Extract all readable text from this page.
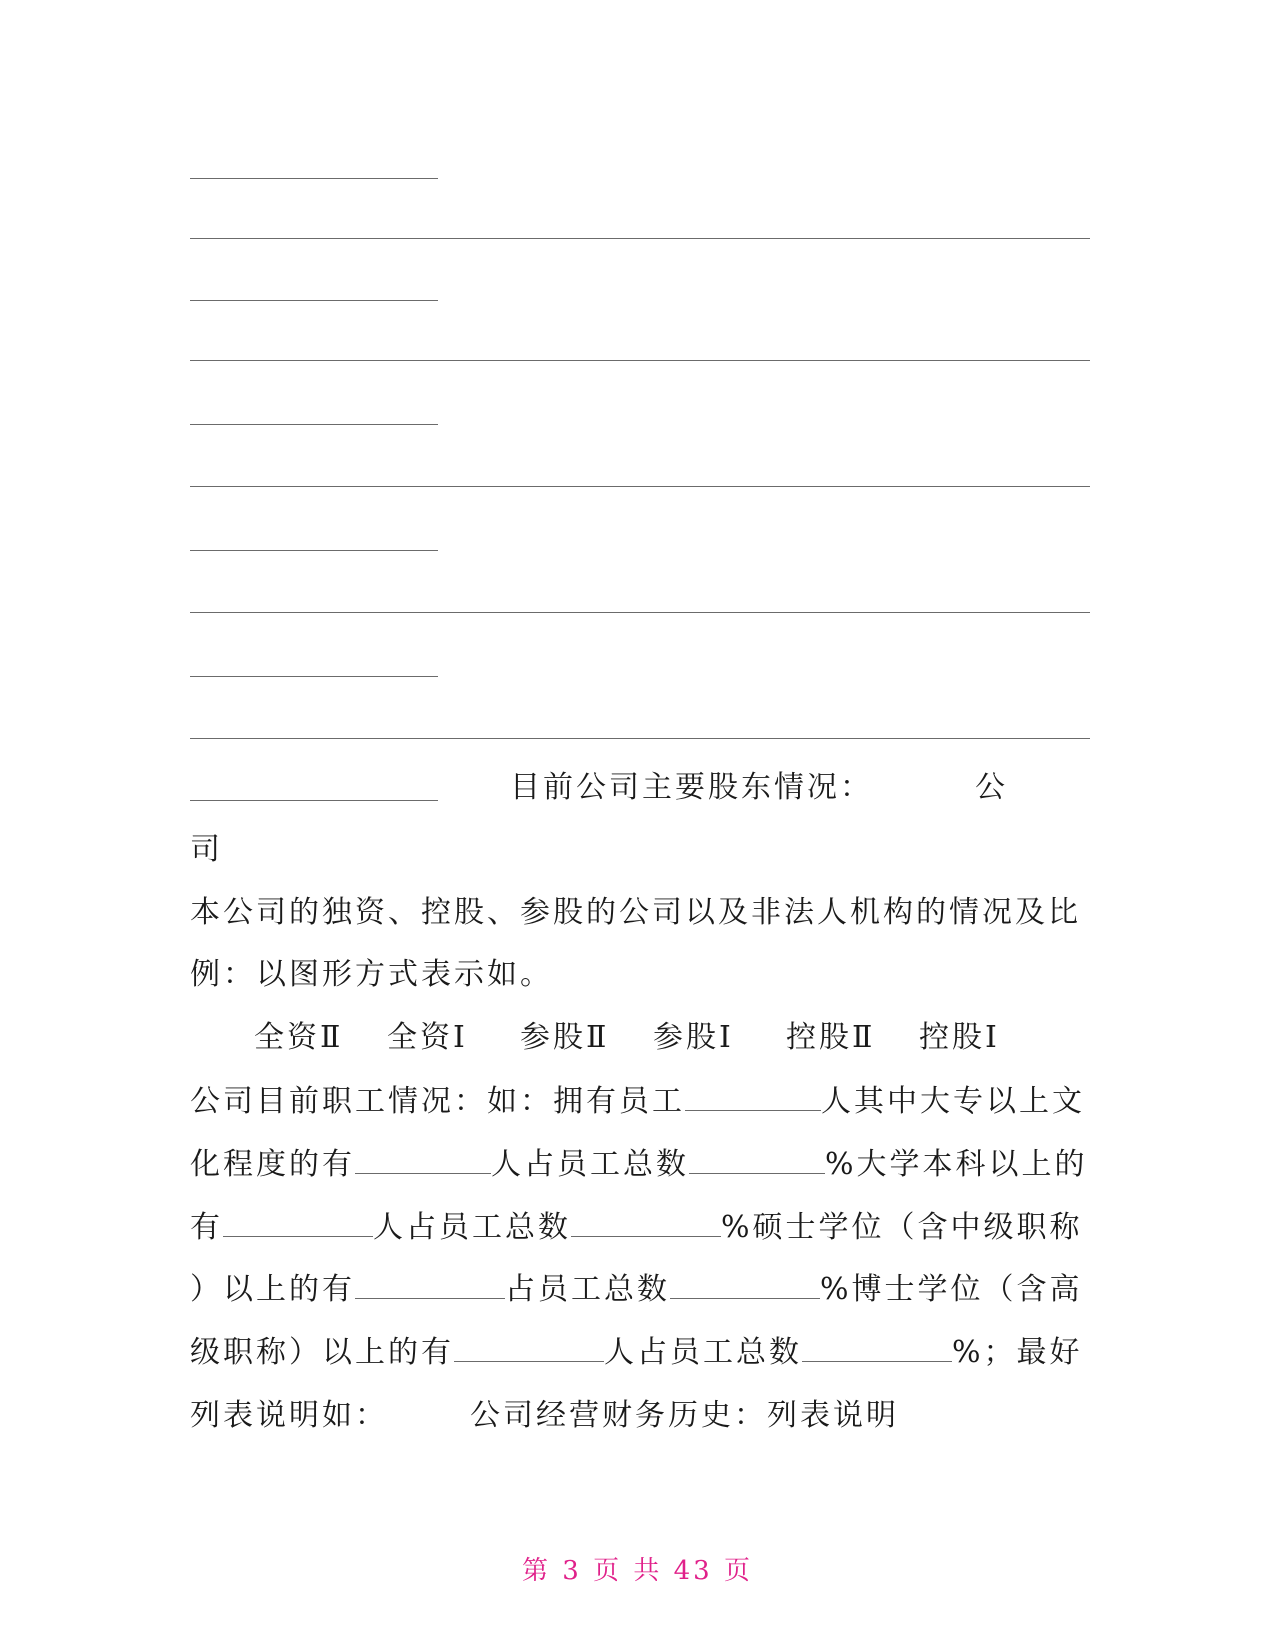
目前公司主要股东情况：	公
司
本公司的独资、控股、参股的公司以及非法人机构的情况及比
例：以图形方式表示如。
全资Ⅱ 全资Ⅰ 参股Ⅱ 参股Ⅰ 控股Ⅱ 控股Ⅰ
公司目前职工情况：如：拥有员工	人其中大专以上文
化程度的有	人占员工总数	%大学本科以上的
有	人占员工总数	%硕士学位（含中级职称
）以上的有	占员工总数	%博士学位（含高
级职称）以上的有	人占员工总数	%；最好
列表说明如：	公司经营财务历史：列表说明
第 3 页 共 43 页
